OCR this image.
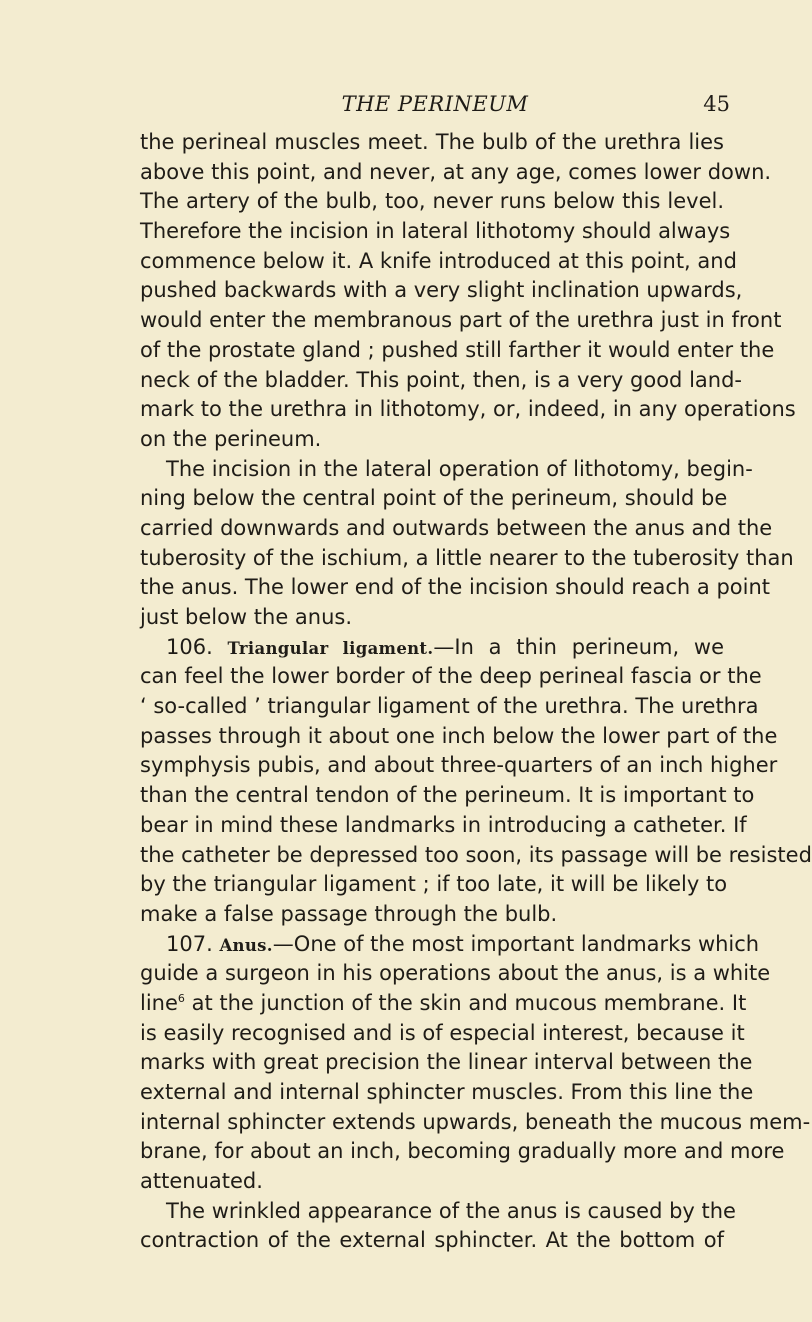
THE PERINEUM	45
the perineal muscles meet. The bulb of the urethra lies
above this point, and never, at any age, comes lower down.
The artery of the bulb, too, never runs below this level.
Therefore the incision in lateral lithotomy should always
commence below it. A knife introduced at this point, and
pushed backwards with a very slight inclination upwards,
would enter the membranous part of the urethra just in front
of the prostate gland ; pushed still farther it would enter the
neck of the bladder. This point, then, is a very good land-
mark to the urethra in lithotomy, or, indeed, in any operations
on the perineum.
The incision in the lateral operation of lithotomy, begin-
ning below the central point of the perineum, should be
carried downwards and outwards between the anus and the
tuberosity of the ischium, a little nearer to the tuberosity than
the anus. The lower end of the incision should reach a point
just below the anus.
106. Triangular ligament.—In a thin perineum, we
can feel the lower border of the deep perineal fascia or the
‘ so-called ’ triangular ligament of the urethra. The urethra
passes through it about one inch below the lower part of the
symphysis pubis, and about three-quarters of an inch higher
than the central tendon of the perineum. It is important to
bear in mind these landmarks in introducing a catheter. If
the catheter be depressed too soon, its passage will be resisted
by the triangular ligament ; if too late, it will be likely to
make a false passage through the bulb.
107. Anus.—One of the most important landmarks which
guide a surgeon in his operations about the anus, is a white
line$^6$ at the junction of the skin and mucous membrane. It
is easily recognised and is of especial interest, because it
marks with great precision the linear interval between the
external and internal sphincter muscles. From this line the
internal sphincter extends upwards, beneath the mucous mem-
brane, for about an inch, becoming gradually more and more
attenuated.
The wrinkled appearance of the anus is caused by the
contraction of the external sphincter. At the bottom of
